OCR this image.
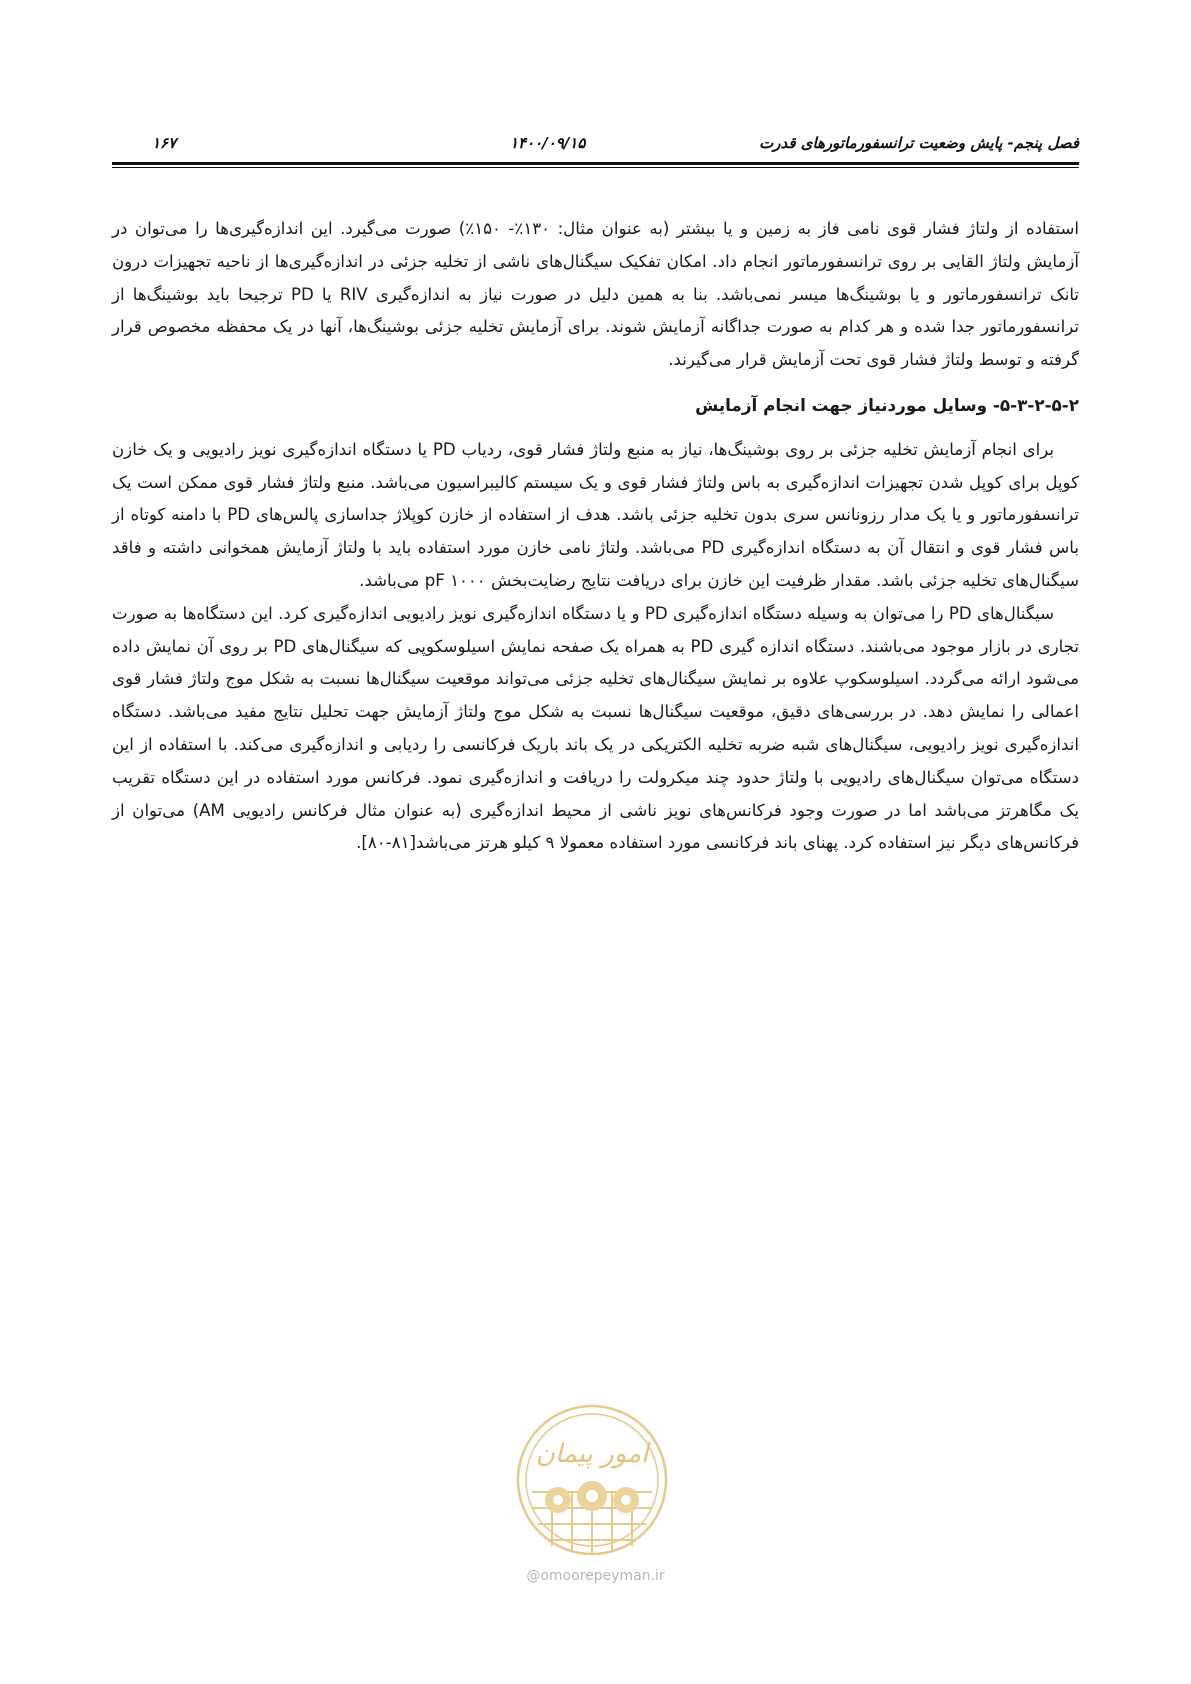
فصل پنجم- پایش وضعیت ترانسفورماتورهای قدرت
۱۴۰۰/۰۹/۱۵
۱۶۷

استفاده از ولتاژ فشار قوی نامی فاز به زمین و یا بیشتر (به عنوان مثال: ۱۳۰٪- ۱۵۰٪) صورت می‌گیرد. این اندازه‌گیری‌ها را می‌توان در آزمایش ولتاژ القایی بر روی ترانسفورماتور انجام داد. امکان تفکیک سیگنال‌های ناشی از تخلیه جزئی در اندازه‌گیری‌ها از ناحیه تجهیزات درون تانک ترانسفورماتور و یا بوشینگ‌ها میسر نمی‌باشد. بنا به همین دلیل در صورت نیاز به اندازه‌گیری RIV یا PD ترجیحا باید بوشینگ‌ها از ترانسفورماتور جدا شده و هر کدام به صورت جداگانه آزمایش شوند. برای آزمایش تخلیه جزئی بوشینگ‌ها، آنها در یک محفظه مخصوص قرار گرفته و توسط ولتاژ فشار قوی تحت آزمایش قرار می‌گیرند.

۵-۳-۲-۵-۲- وسایل موردنیاز جهت انجام آزمایش

برای انجام آزمایش تخلیه جزئی بر روی بوشینگ‌ها، نیاز به منبع ولتاژ فشار قوی، ردیاب PD یا دستگاه اندازه‌گیری نویز رادیویی و یک خازن کوپل برای کوپل شدن تجهیزات اندازه‌گیری به باس ولتاژ فشار قوی و یک سیستم کالیبراسیون می‌باشد. منبع ولتاژ فشار قوی ممکن است یک ترانسفورماتور و یا یک مدار رزونانس سری بدون تخلیه جزئی باشد. هدف از استفاده از خازن کوپلاژ جداسازی پالس‌های PD با دامنه کوتاه از باس فشار قوی و انتقال آن به دستگاه اندازه‌گیری PD می‌باشد. ولتاژ نامی خازن مورد استفاده باید با ولتاژ آزمایش همخوانی داشته و فاقد سیگنال‌های تخلیه جزئی باشد. مقدار ظرفیت این خازن برای دریافت نتایج رضایت‌بخش ۱۰۰۰ pF می‌باشد.

سیگنال‌های PD را می‌توان به وسیله دستگاه اندازه‌گیری PD و یا دستگاه اندازه‌گیری نویز رادیویی اندازه‌گیری کرد. این دستگاه‌ها به صورت تجاری در بازار موجود می‌باشند. دستگاه اندازه گیری PD به همراه یک صفحه نمایش اسیلوسکوپی که سیگنال‌های PD بر روی آن نمایش داده می‌شود ارائه می‌گردد. اسیلوسکوپ علاوه بر نمایش سیگنال‌های تخلیه جزئی می‌تواند موقعیت سیگنال‌ها نسبت به شکل موج ولتاژ فشار قوی اعمالی را نمایش دهد. در بررسی‌های دقیق، موقعیت سیگنال‌ها نسبت به شکل موج ولتاژ آزمایش جهت تحلیل نتایج مفید می‌باشد. دستگاه اندازه‌گیری نویز رادیویی، سیگنال‌های شبه ضربه تخلیه الکتریکی در یک باند باریک فرکانسی را ردیابی و اندازه‌گیری می‌کند. با استفاده از این دستگاه می‌توان سیگنال‌های رادیویی با ولتاژ حدود چند میکرولت را دریافت و اندازه‌گیری نمود. فرکانس مورد استفاده در این دستگاه تقریب یک مگاهرتز می‌باشد اما در صورت وجود فرکانس‌های نویز ناشی از محیط اندازه‌گیری (به عنوان مثال فرکانس رادیویی AM) می‌توان از فرکانس‌های دیگر نیز استفاده کرد. پهنای باند فرکانسی مورد استفاده معمولا ۹ کیلو هرتز می‌باشد[۸۱-۸۰].

امور پیمان
@omoorepeyman.ir
